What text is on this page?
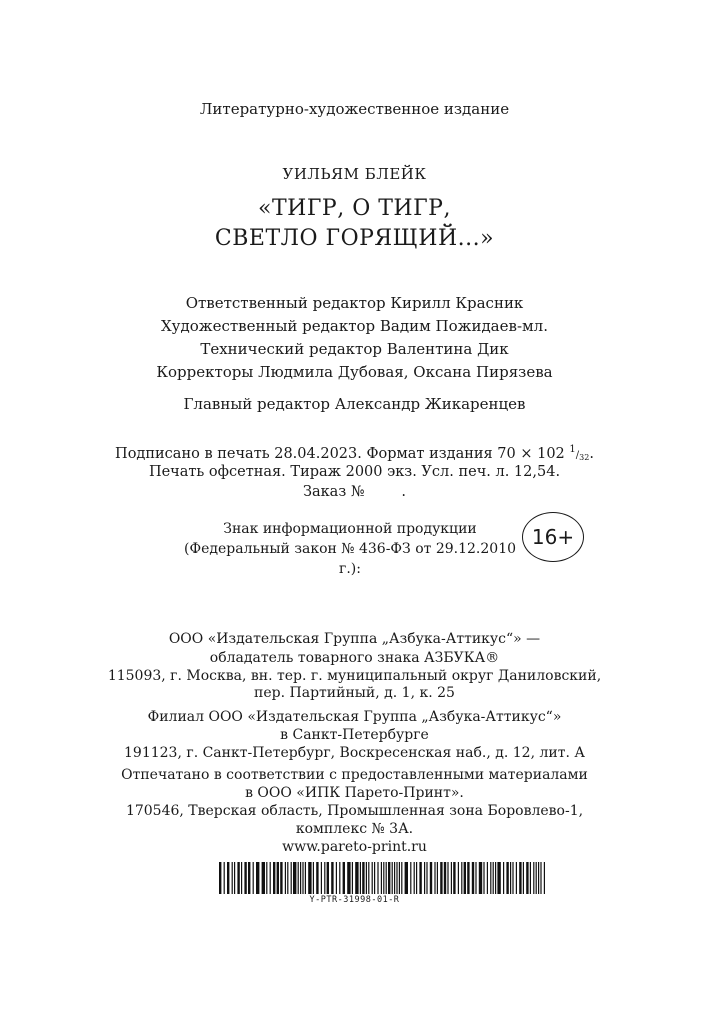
Литературно-художественное издание
УИЛЬЯМ БЛЕЙК
«ТИГР, О ТИГР,
СВЕТЛО ГОРЯЩИЙ...»
Ответственный редактор Кирилл Красник
Художественный редактор Вадим Пожидаев-мл.
Технический редактор Валентина Дик
Корректоры Людмила Дубовая, Оксана Пирязева
Главный редактор Александр Жикаренцев
Подписано в печать 28.04.2023. Формат издания 70 × 102 $^1/_{32}$.
Печать офсетная. Тираж 2000 экз. Усл. печ. л. 12,54.
Заказ №        .
Знак информационной продукции
(Федеральный закон № 436-ФЗ от 29.12.2010 г.):
16+
ООО «Издательская Группа „Азбука-Аттикус“» —
обладатель товарного знака АЗБУКА®
115093, г. Москва, вн. тер. г. муниципальный округ Даниловский,
пер. Партийный, д. 1, к. 25
Филиал ООО «Издательская Группа „Азбука-Аттикус“»
в Санкт-Петербурге
191123, г. Санкт-Петербург, Воскресенская наб., д. 12, лит. А
Отпечатано в соответствии с предоставленными материалами
в ООО «ИПК Парето-Принт».
170546, Тверская область, Промышленная зона Боровлево-1,
комплекс № 3А.
www.pareto-print.ru
Y-PTR-31998-01-R
